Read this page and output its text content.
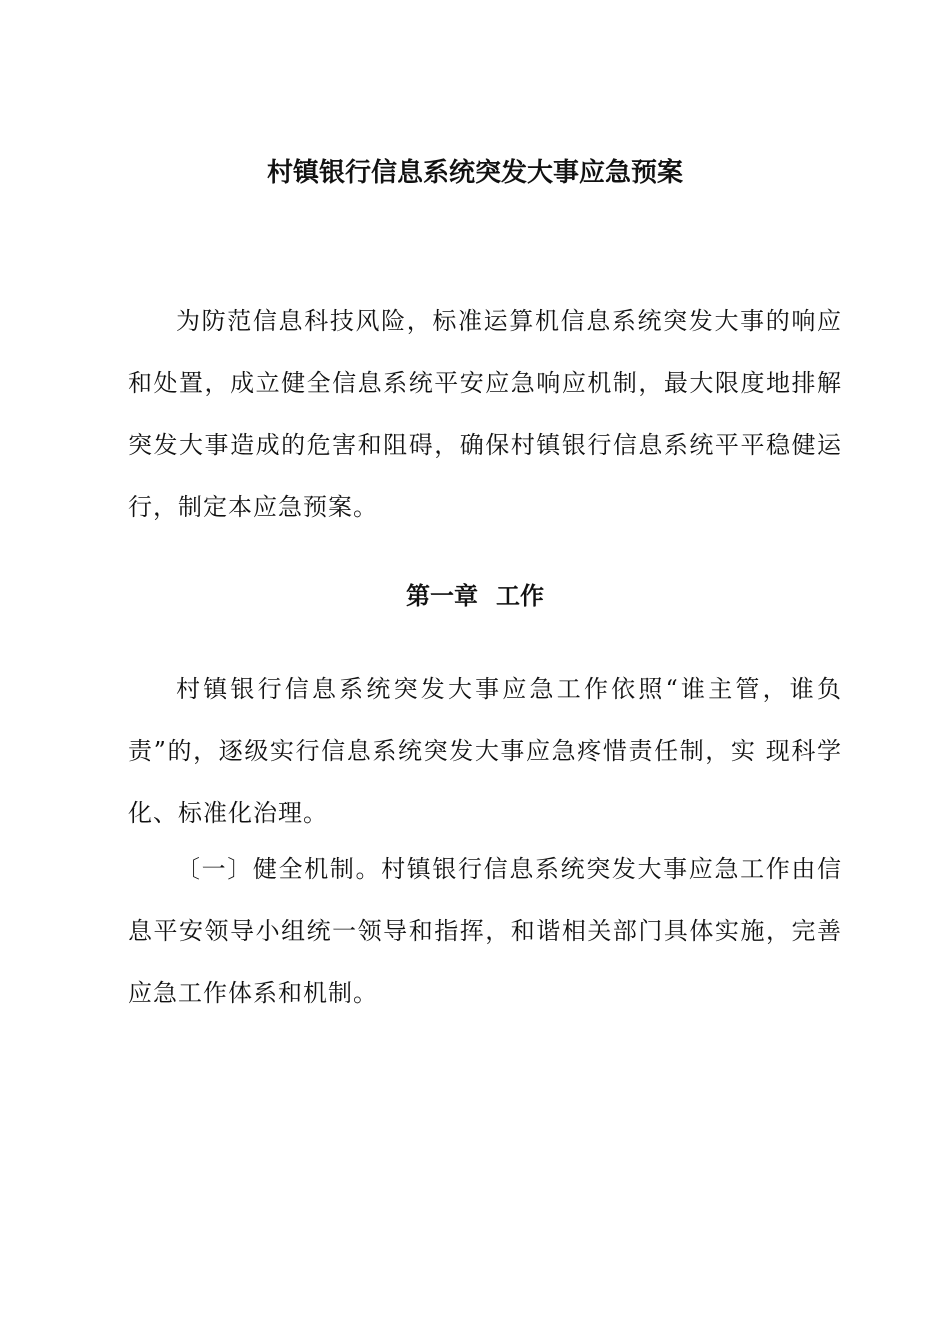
村镇银行信息系统突发大事应急预案

为防范信息科技风险，标准运算机信息系统突发大事的响应和处置，成立健全信息系统平安应急响应机制，最大限度地排解突发大事造成的危害和阻碍，确保村镇银行信息系统平平稳健运行，制定本应急预案。

第一章 工作

村镇银行信息系统突发大事应急工作依照“谁主管，谁负责”的，逐级实行信息系统突发大事应急疼惜责任制，实 现科学化、标准化治理。

〔一〕健全机制。村镇银行信息系统突发大事应急工作由信息平安领导小组统一领导和指挥，和谐相关部门具体实施，完善应急工作体系和机制。
